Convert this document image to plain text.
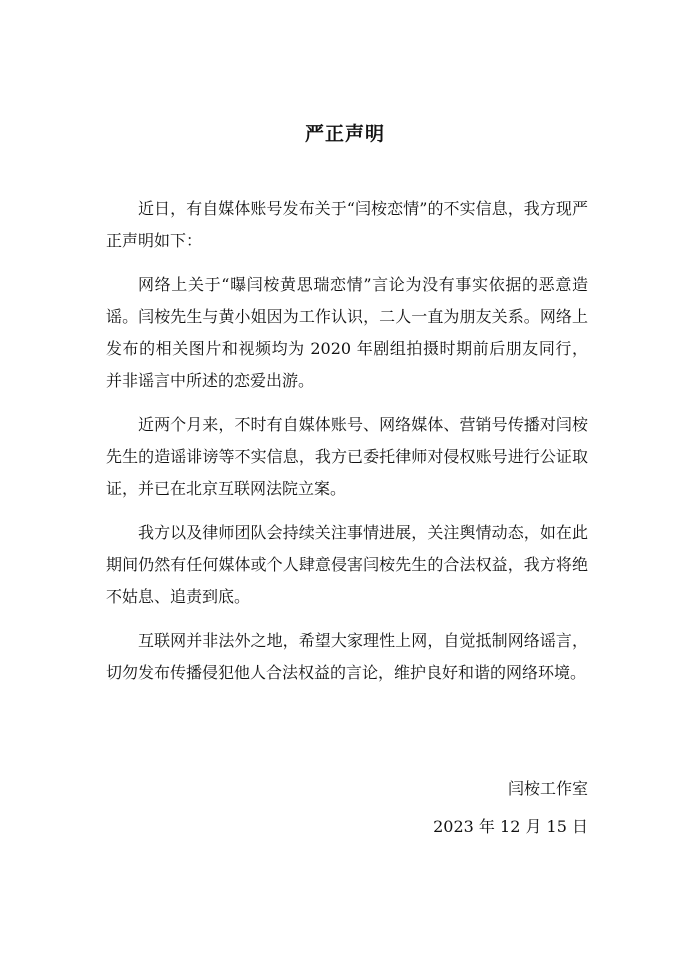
严正声明

近日，有自媒体账号发布关于“闫桉恋情”的不实信息，我方现严正声明如下：

网络上关于“曝闫桉黄思瑞恋情”言论为没有事实依据的恶意造谣。闫桉先生与黄小姐因为工作认识，二人一直为朋友关系。网络上发布的相关图片和视频均为 2020 年剧组拍摄时期前后朋友同行，并非谣言中所述的恋爱出游。

近两个月来，不时有自媒体账号、网络媒体、营销号传播对闫桉先生的造谣诽谤等不实信息，我方已委托律师对侵权账号进行公证取证，并已在北京互联网法院立案。

我方以及律师团队会持续关注事情进展，关注舆情动态，如在此期间仍然有任何媒体或个人肆意侵害闫桉先生的合法权益，我方将绝不姑息、追责到底。

互联网并非法外之地，希望大家理性上网，自觉抵制网络谣言，切勿发布传播侵犯他人合法权益的言论，维护良好和谐的网络环境。

闫桉工作室

2023 年 12 月 15 日
